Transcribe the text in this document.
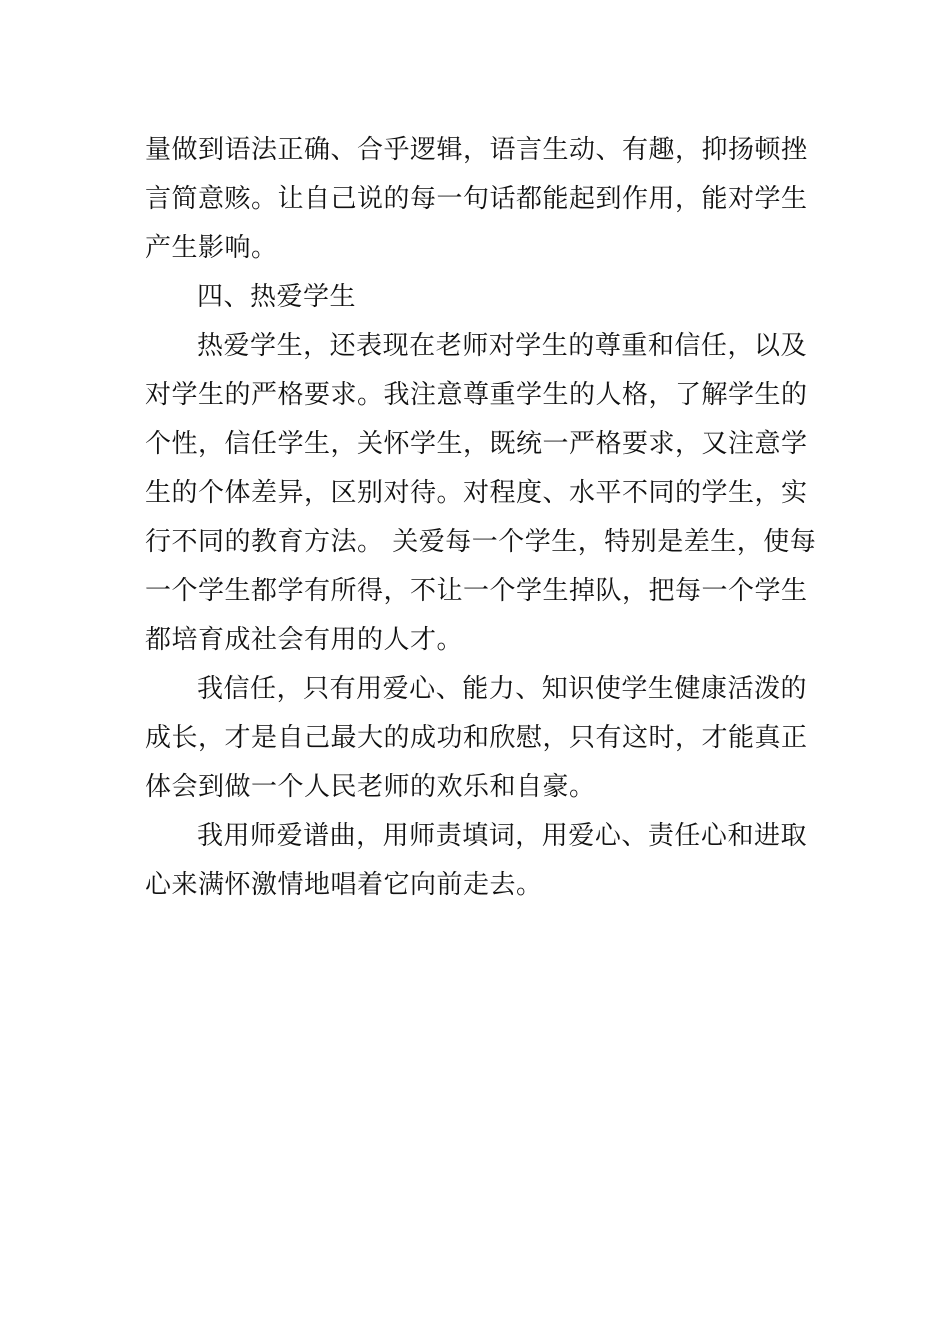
量做到语法正确、合乎逻辑，语言生动、有趣，抑扬顿挫
言简意赅。让自己说的每一句话都能起到作用，能对学生
产生影响。
四、热爱学生
热爱学生，还表现在老师对学生的尊重和信任，以及
对学生的严格要求。我注意尊重学生的人格，了解学生的
个性，信任学生，关怀学生，既统一严格要求，又注意学
生的个体差异，区别对待。对程度、水平不同的学生，实
行不同的教育方法。 关爱每一个学生，特别是差生，使每
一个学生都学有所得，不让一个学生掉队，把每一个学生
都培育成社会有用的人才。
我信任，只有用爱心、能力、知识使学生健康活泼的
成长，才是自己最大的成功和欣慰，只有这时，才能真正
体会到做一个人民老师的欢乐和自豪。
我用师爱谱曲，用师责填词，用爱心、责任心和进取
心来满怀激情地唱着它向前走去。
